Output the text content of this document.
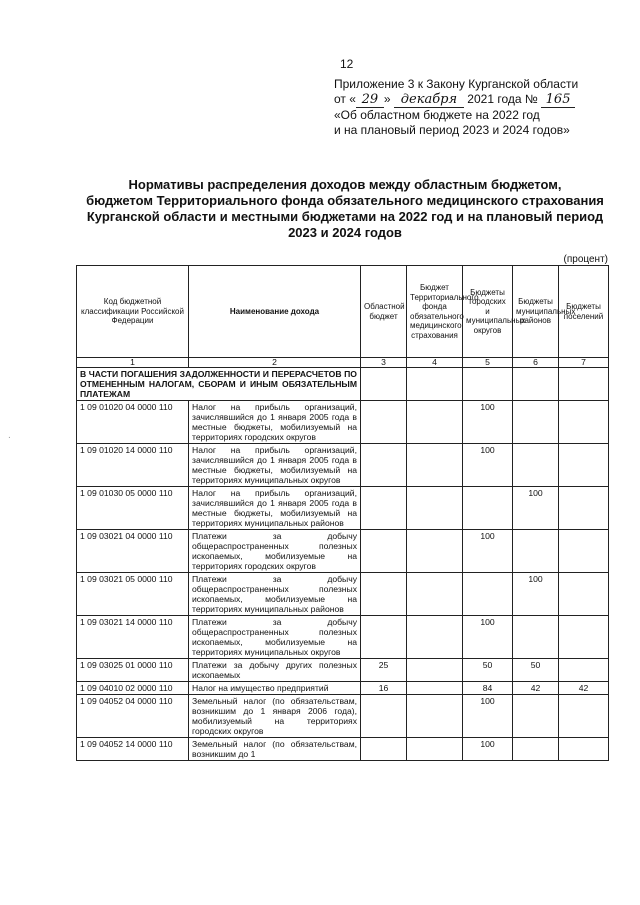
12
Приложение 3 к Закону Курганской области
от « 29 » декабря 2021 года № 165
«Об областном бюджете на 2022 год
и на плановый период 2023 и 2024 годов»
Нормативы распределения доходов между областным бюджетом,
бюджетом Территориального фонда обязательного медицинского страхования
Курганской области и местными бюджетами на 2022 год и на плановый период
2023 и 2024 годов
(процент)
.
Код бюджетной классификации Российской Федерации	Наименование дохода	Областной бюджет	Бюджет Территориального фонда обязательного медицинского страхования	Бюджеты городских и муниципальных округов	Бюджеты муниципальных районов	Бюджеты поселений
1	2	3	4	5	6	7
В ЧАСТИ ПОГАШЕНИЯ ЗАДОЛЖЕННОСТИ И ПЕРЕРАСЧЕТОВ ПО ОТМЕНЕННЫМ НАЛОГАМ, СБОРАМ И ИНЫМ ОБЯЗАТЕЛЬНЫМ ПЛАТЕЖАМ						
1 09 01020 04 0000 110	Налог на прибыль организаций, зачислявшийся до 1 января 2005 года в местные бюджеты, мобилизуемый на территориях городских округов			100		
1 09 01020 14 0000 110	Налог на прибыль организаций, зачислявшийся до 1 января 2005 года в местные бюджеты, мобилизуемый на территориях муниципальных округов			100		
1 09 01030 05 0000 110	Налог на прибыль организаций, зачислявшийся до 1 января 2005 года в местные бюджеты, мобилизуемый на территориях муниципальных районов				100	
1 09 03021 04 0000 110	Платежи за добычу общераспространенных полезных ископаемых, мобилизуемые на территориях городских округов			100		
1 09 03021 05 0000 110	Платежи за добычу общераспространенных полезных ископаемых, мобилизуемые на территориях муниципальных районов				100	
1 09 03021 14 0000 110	Платежи за добычу общераспространенных полезных ископаемых, мобилизуемые на территориях муниципальных округов			100		
1 09 03025 01 0000 110	Платежи за добычу других полезных ископаемых	25		50	50	
1 09 04010 02 0000 110	Налог на имущество предприятий	16		84	42	42
1 09 04052 04 0000 110	Земельный налог (по обязательствам, возникшим до 1 января 2006 года), мобилизуемый на территориях городских округов			100		
1 09 04052 14 0000 110	Земельный налог (по обязательствам, возникшим до 1			100		
